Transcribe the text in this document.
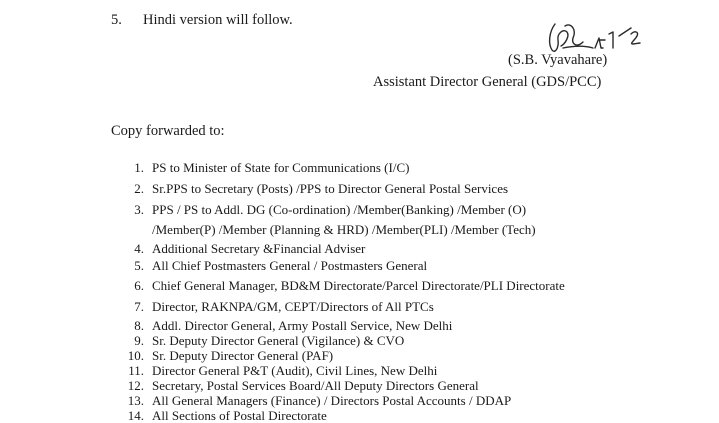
5. Hindi version will follow.
(S.B. Vyavahare)
Assistant Director General (GDS/PCC)
Copy forwarded to:
1. PS to Minister of State for Communications (I/C)
2. Sr.PPS to Secretary (Posts) /PPS to Director General Postal Services
3. PPS / PS to Addl. DG (Co-ordination) /Member(Banking) /Member (O)
/Member(P) /Member (Planning & HRD) /Member(PLI) /Member (Tech)
4. Additional Secretary &Financial Adviser
5. All Chief Postmasters General / Postmasters General
6. Chief General Manager, BD&M Directorate/Parcel Directorate/PLI Directorate
7. Director, RAKNPA/GM, CEPT/Directors of All PTCs
8. Addl. Director General, Army Postall Service, New Delhi
9. Sr. Deputy Director General (Vigilance) & CVO
10. Sr. Deputy Director General (PAF)
11. Director General P&T (Audit), Civil Lines, New Delhi
12. Secretary, Postal Services Board/All Deputy Directors General
13. All General Managers (Finance) / Directors Postal Accounts / DDAP
14. All Sections of Postal Directorate
